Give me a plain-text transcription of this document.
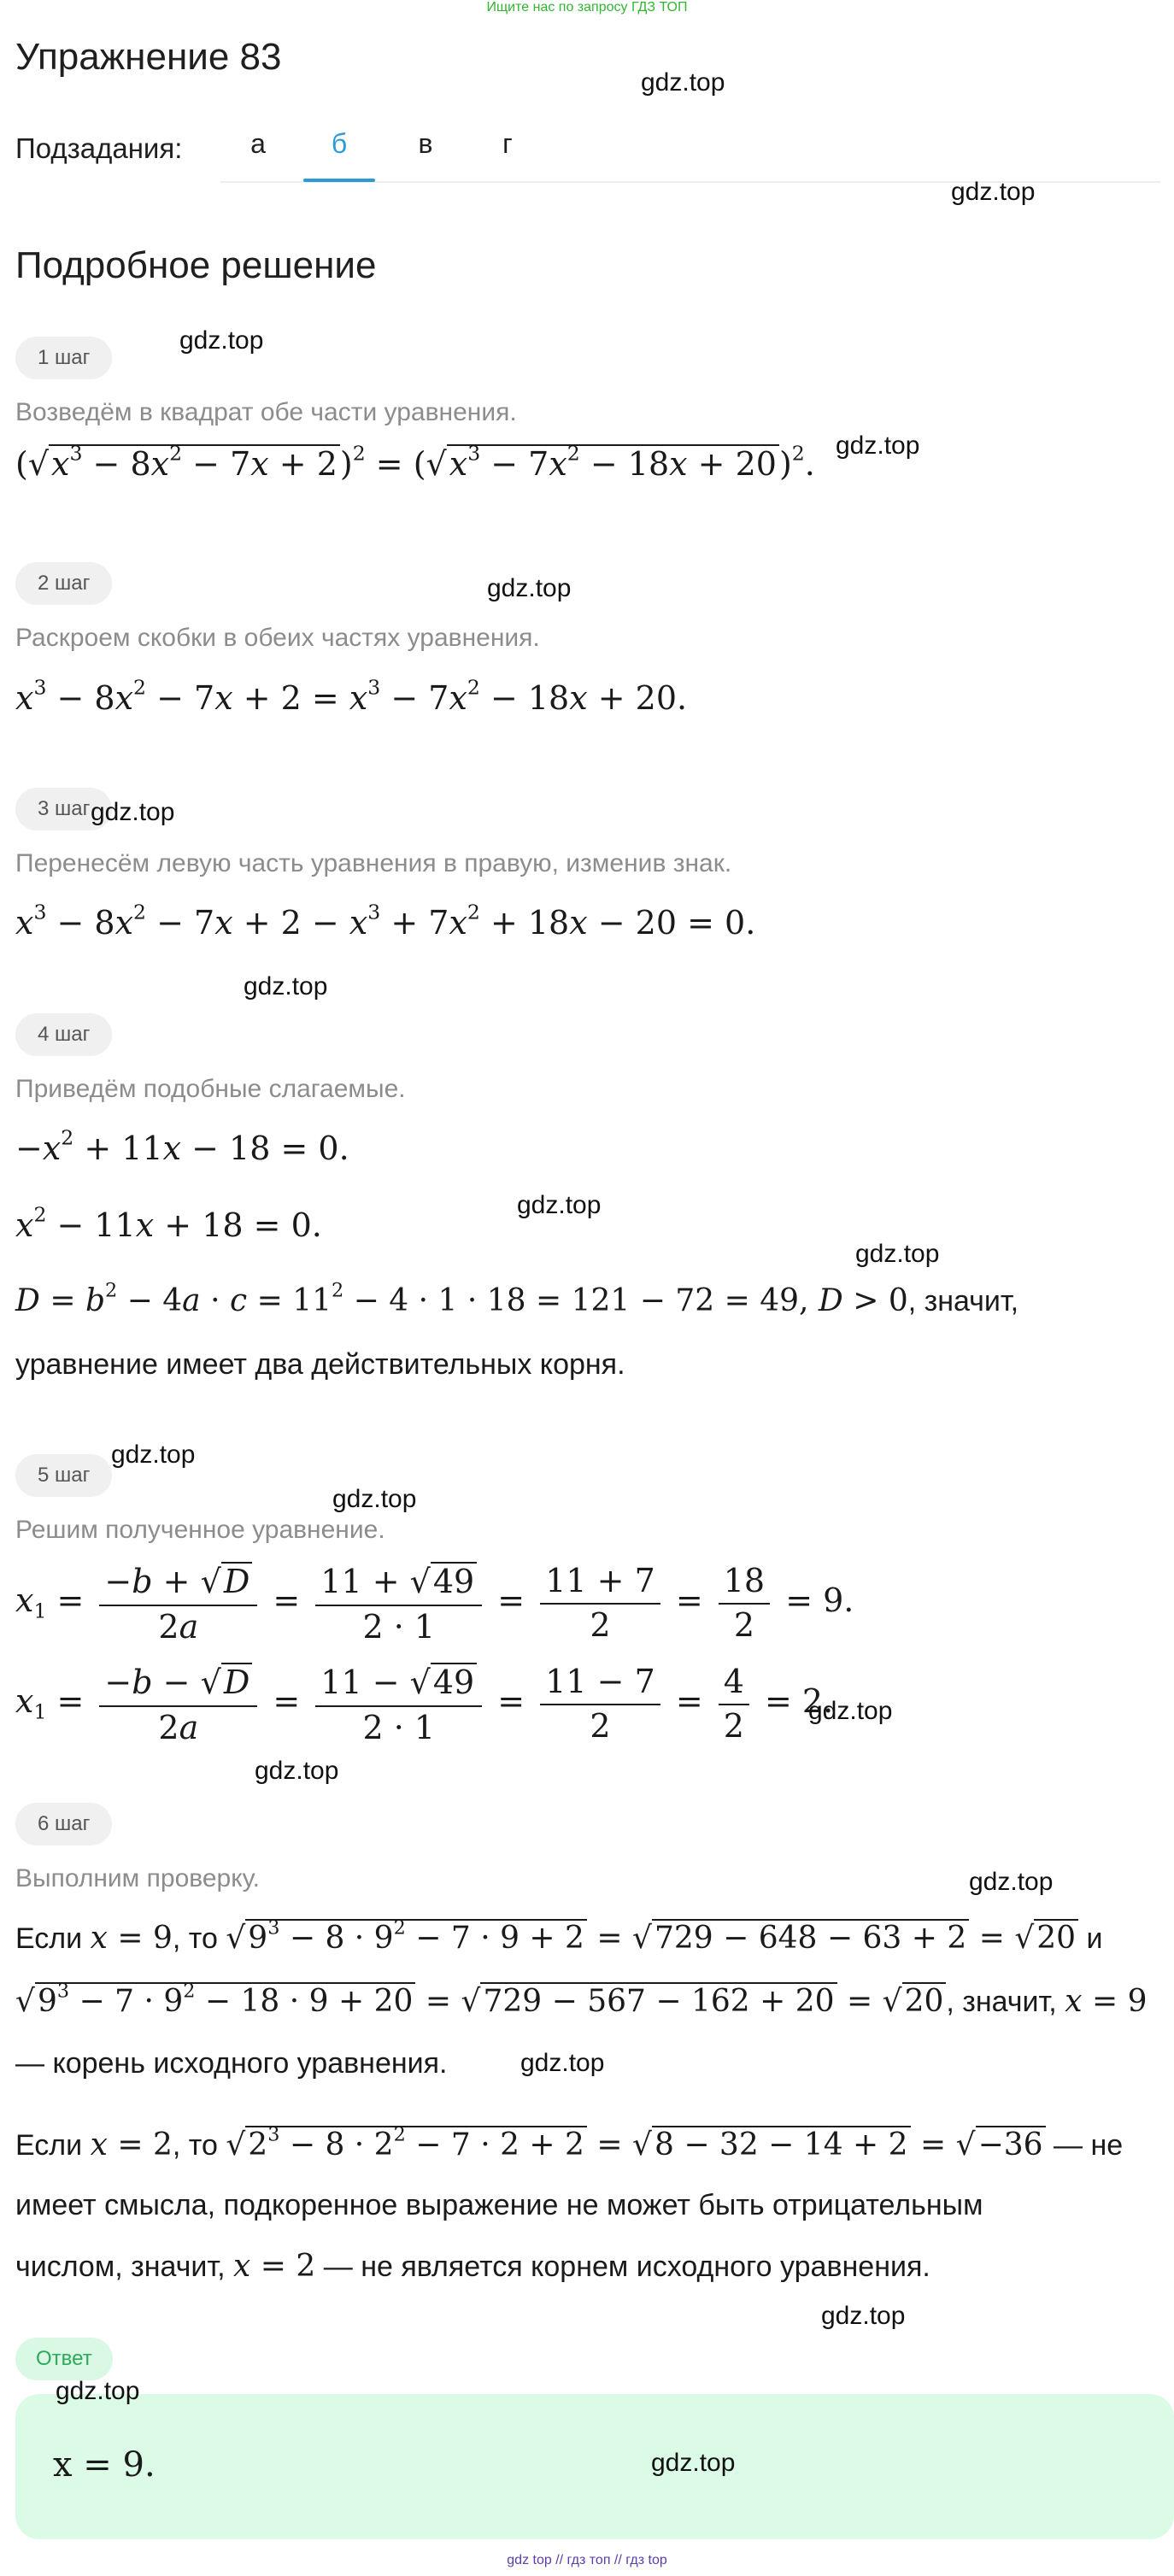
Ищите нас по запросу ГДЗ ТОП
Упражнение 83
Подзадания:	а	б	в	г
Подробное решение
1 шаг
Возведём в квадрат обе части уравнения.
$(√x^3 - 8x^2 - 7x + 2)^2 = (√x^3 - 7x^2 - 18x + 20)^2$.
2 шаг
Раскроем скобки в обеих частях уравнения.
$x^3 - 8x^2 - 7x + 2 = x^3 - 7x^2 - 18x + 20$.
3 шаг
Перенесём левую часть уравнения в правую, изменив знак.
$x^3 - 8x^2 - 7x + 2 - x^3 + 7x^2 + 18x - 20 = 0$.
4 шаг
Приведём подобные слагаемые.
$-x^2 + 11x - 18 = 0$.
$x^2 - 11x + 18 = 0$.
$D = b^2 - 4a \cdot c = 11^2 - 4 \cdot 1 \cdot 18 = 121 - 72 = 49$, D > 0, значит,
уравнение имеет два действительных корня.
5 шаг
Решим полученное уравнение.
$x_1 = \frac{-b + √D}{2a} = \frac{11 + √49}{2 \cdot 1} = \frac{11 + 7}{2} = \frac{18}{2} = 9$.
$x_1 = \frac{-b - √D}{2a} = \frac{11 - √49}{2 \cdot 1} = \frac{11 - 7}{2} = \frac{4}{2} = 2$.
6 шаг
Выполним проверку.
Если x = 9, то $√9^3 - 8 \cdot 9^2 - 7 \cdot 9 + 2 = √729 - 648 - 63 + 2 = √20$ и
$√9^3 - 7 \cdot 9^2 - 18 \cdot 9 + 20 = √729 - 567 - 162 + 20 = √20$, значит, x = 9
— корень исходного уравнения.
Если x = 2, то $√2^3 - 8 \cdot 2^2 - 7 \cdot 2 + 2 = √8 - 32 - 14 + 2 = √-36$ — не
имеет смысла, подкоренное выражение не может быть отрицательным
числом, значит, x = 2 — не является корнем исходного уравнения.
Ответ
x = 9.
gdz.top
gdz.top
gdz.top
gdz.top
gdz.top
gdz.top
gdz.top
gdz.top
gdz.top
gdz.top
gdz.top
gdz.top
gdz.top
gdz.top
gdz.top
gdz.top
gdz.top
gdz.top
gdz top // гдз топ // гдз top
